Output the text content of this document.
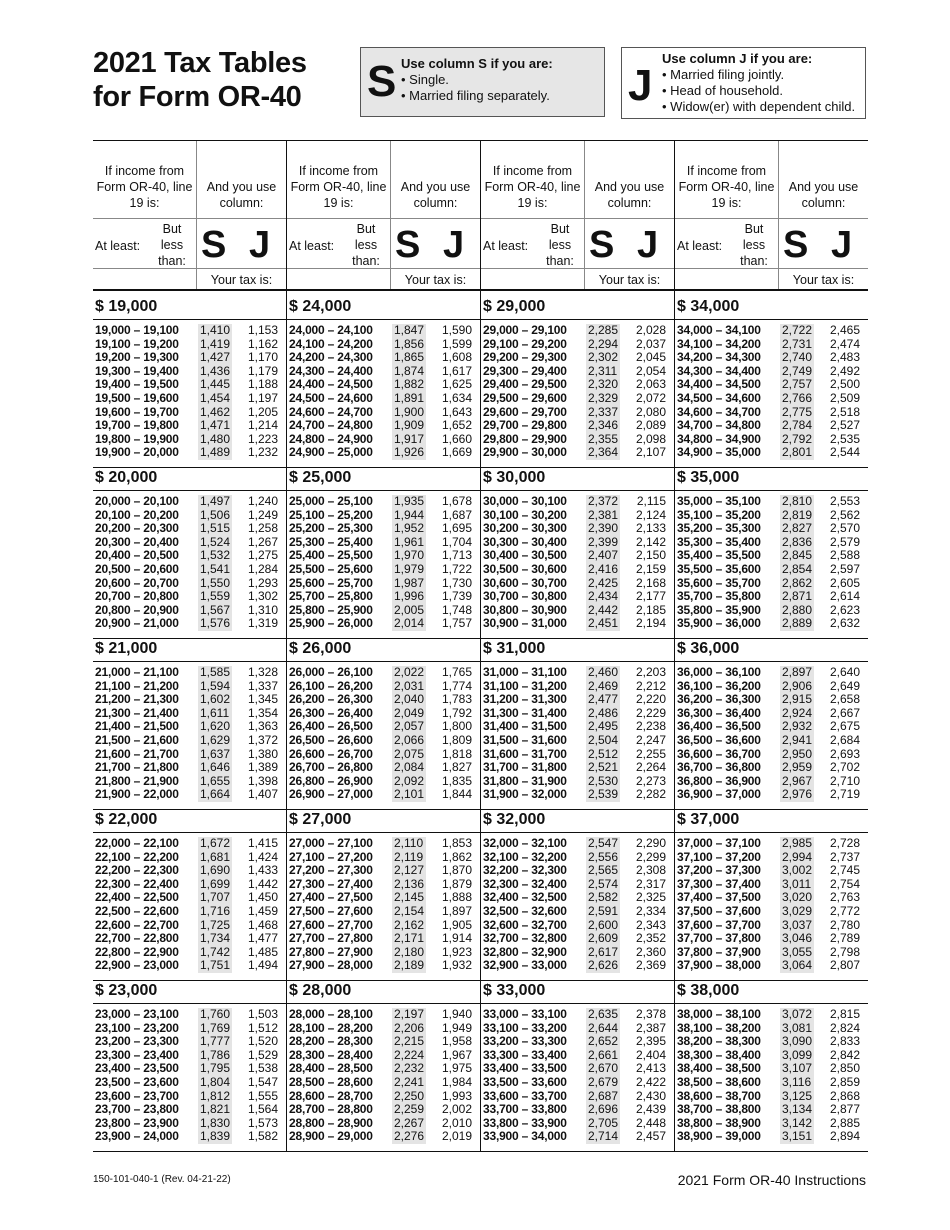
2021 Tax Tables for Form OR-40 S Use column S if you are:
• Single.
• Married filing separately. J
Use column J if you are:
• Married filing jointly.
• Head of household.
• Widow(er) with dependent child.
If income from Form OR-40, line 19 is:
And you use column:
At least:
But less than: S J
Your tax is:
$ 19,000
19,000 – 19,100	1,410	1,153
19,100 – 19,200	1,419	1,162
19,200 – 19,300	1,427	1,170
19,300 – 19,400	1,436	1,179
19,400 – 19,500	1,445	1,188
19,500 – 19,600	1,454	1,197
19,600 – 19,700	1,462	1,205
19,700 – 19,800	1,471	1,214
19,800 – 19,900	1,480	1,223
19,900 – 20,000	1,489	1,232
$ 20,000
20,000 – 20,100	1,497	1,240
20,100 – 20,200	1,506	1,249
20,200 – 20,300	1,515	1,258
20,300 – 20,400	1,524	1,267
20,400 – 20,500	1,532	1,275
20,500 – 20,600	1,541	1,284
20,600 – 20,700	1,550	1,293
20,700 – 20,800	1,559	1,302
20,800 – 20,900	1,567	1,310
20,900 – 21,000	1,576	1,319
$ 21,000
21,000 – 21,100	1,585	1,328
21,100 – 21,200	1,594	1,337
21,200 – 21,300	1,602	1,345
21,300 – 21,400	1,611	1,354
21,400 – 21,500	1,620	1,363
21,500 – 21,600	1,629	1,372
21,600 – 21,700	1,637	1,380
21,700 – 21,800	1,646	1,389
21,800 – 21,900	1,655	1,398
21,900 – 22,000	1,664	1,407
$ 22,000
22,000 – 22,100	1,672	1,415
22,100 – 22,200	1,681	1,424
22,200 – 22,300	1,690	1,433
22,300 – 22,400	1,699	1,442
22,400 – 22,500	1,707	1,450
22,500 – 22,600	1,716	1,459
22,600 – 22,700	1,725	1,468
22,700 – 22,800	1,734	1,477
22,800 – 22,900	1,742	1,485
22,900 – 23,000	1,751	1,494
$ 23,000
23,000 – 23,100	1,760	1,503
23,100 – 23,200	1,769	1,512
23,200 – 23,300	1,777	1,520
23,300 – 23,400	1,786	1,529
23,400 – 23,500	1,795	1,538
23,500 – 23,600	1,804	1,547
23,600 – 23,700	1,812	1,555
23,700 – 23,800	1,821	1,564
23,800 – 23,900	1,830	1,573
23,900 – 24,000	1,839	1,582
If income from Form OR-40, line 19 is:
And you use column:
At least:
But less than: S J
Your tax is:
$ 24,000
24,000 – 24,100	1,847	1,590
24,100 – 24,200	1,856	1,599
24,200 – 24,300	1,865	1,608
24,300 – 24,400	1,874	1,617
24,400 – 24,500	1,882	1,625
24,500 – 24,600	1,891	1,634
24,600 – 24,700	1,900	1,643
24,700 – 24,800	1,909	1,652
24,800 – 24,900	1,917	1,660
24,900 – 25,000	1,926	1,669
$ 25,000
25,000 – 25,100	1,935	1,678
25,100 – 25,200	1,944	1,687
25,200 – 25,300	1,952	1,695
25,300 – 25,400	1,961	1,704
25,400 – 25,500	1,970	1,713
25,500 – 25,600	1,979	1,722
25,600 – 25,700	1,987	1,730
25,700 – 25,800	1,996	1,739
25,800 – 25,900	2,005	1,748
25,900 – 26,000	2,014	1,757
$ 26,000
26,000 – 26,100	2,022	1,765
26,100 – 26,200	2,031	1,774
26,200 – 26,300	2,040	1,783
26,300 – 26,400	2,049	1,792
26,400 – 26,500	2,057	1,800
26,500 – 26,600	2,066	1,809
26,600 – 26,700	2,075	1,818
26,700 – 26,800	2,084	1,827
26,800 – 26,900	2,092	1,835
26,900 – 27,000	2,101	1,844
$ 27,000
27,000 – 27,100	2,110	1,853
27,100 – 27,200	2,119	1,862
27,200 – 27,300	2,127	1,870
27,300 – 27,400	2,136	1,879
27,400 – 27,500	2,145	1,888
27,500 – 27,600	2,154	1,897
27,600 – 27,700	2,162	1,905
27,700 – 27,800	2,171	1,914
27,800 – 27,900	2,180	1,923
27,900 – 28,000	2,189	1,932
$ 28,000
28,000 – 28,100	2,197	1,940
28,100 – 28,200	2,206	1,949
28,200 – 28,300	2,215	1,958
28,300 – 28,400	2,224	1,967
28,400 – 28,500	2,232	1,975
28,500 – 28,600	2,241	1,984
28,600 – 28,700	2,250	1,993
28,700 – 28,800	2,259	2,002
28,800 – 28,900	2,267	2,010
28,900 – 29,000	2,276	2,019
If income from Form OR-40, line 19 is:
And you use column:
At least:
But less than: S J
Your tax is:
$ 29,000
29,000 – 29,100	2,285	2,028
29,100 – 29,200	2,294	2,037
29,200 – 29,300	2,302	2,045
29,300 – 29,400	2,311	2,054
29,400 – 29,500	2,320	2,063
29,500 – 29,600	2,329	2,072
29,600 – 29,700	2,337	2,080
29,700 – 29,800	2,346	2,089
29,800 – 29,900	2,355	2,098
29,900 – 30,000	2,364	2,107
$ 30,000
30,000 – 30,100	2,372	2,115
30,100 – 30,200	2,381	2,124
30,200 – 30,300	2,390	2,133
30,300 – 30,400	2,399	2,142
30,400 – 30,500	2,407	2,150
30,500 – 30,600	2,416	2,159
30,600 – 30,700	2,425	2,168
30,700 – 30,800	2,434	2,177
30,800 – 30,900	2,442	2,185
30,900 – 31,000	2,451	2,194
$ 31,000
31,000 – 31,100	2,460	2,203
31,100 – 31,200	2,469	2,212
31,200 – 31,300	2,477	2,220
31,300 – 31,400	2,486	2,229
31,400 – 31,500	2,495	2,238
31,500 – 31,600	2,504	2,247
31,600 – 31,700	2,512	2,255
31,700 – 31,800	2,521	2,264
31,800 – 31,900	2,530	2,273
31,900 – 32,000	2,539	2,282
$ 32,000
32,000 – 32,100	2,547	2,290
32,100 – 32,200	2,556	2,299
32,200 – 32,300	2,565	2,308
32,300 – 32,400	2,574	2,317
32,400 – 32,500	2,582	2,325
32,500 – 32,600	2,591	2,334
32,600 – 32,700	2,600	2,343
32,700 – 32,800	2,609	2,352
32,800 – 32,900	2,617	2,360
32,900 – 33,000	2,626	2,369
$ 33,000
33,000 – 33,100	2,635	2,378
33,100 – 33,200	2,644	2,387
33,200 – 33,300	2,652	2,395
33,300 – 33,400	2,661	2,404
33,400 – 33,500	2,670	2,413
33,500 – 33,600	2,679	2,422
33,600 – 33,700	2,687	2,430
33,700 – 33,800	2,696	2,439
33,800 – 33,900	2,705	2,448
33,900 – 34,000	2,714	2,457
If income from Form OR-40, line 19 is:
And you use column:
At least:
But less than: S J
Your tax is:
$ 34,000
34,000 – 34,100	2,722	2,465
34,100 – 34,200	2,731	2,474
34,200 – 34,300	2,740	2,483
34,300 – 34,400	2,749	2,492
34,400 – 34,500	2,757	2,500
34,500 – 34,600	2,766	2,509
34,600 – 34,700	2,775	2,518
34,700 – 34,800	2,784	2,527
34,800 – 34,900	2,792	2,535
34,900 – 35,000	2,801	2,544
$ 35,000
35,000 – 35,100	2,810	2,553
35,100 – 35,200	2,819	2,562
35,200 – 35,300	2,827	2,570
35,300 – 35,400	2,836	2,579
35,400 – 35,500	2,845	2,588
35,500 – 35,600	2,854	2,597
35,600 – 35,700	2,862	2,605
35,700 – 35,800	2,871	2,614
35,800 – 35,900	2,880	2,623
35,900 – 36,000	2,889	2,632
$ 36,000
36,000 – 36,100	2,897	2,640
36,100 – 36,200	2,906	2,649
36,200 – 36,300	2,915	2,658
36,300 – 36,400	2,924	2,667
36,400 – 36,500	2,932	2,675
36,500 – 36,600	2,941	2,684
36,600 – 36,700	2,950	2,693
36,700 – 36,800	2,959	2,702
36,800 – 36,900	2,967	2,710
36,900 – 37,000	2,976	2,719
$ 37,000
37,000 – 37,100	2,985	2,728
37,100 – 37,200	2,994	2,737
37,200 – 37,300	3,002	2,745
37,300 – 37,400	3,011	2,754
37,400 – 37,500	3,020	2,763
37,500 – 37,600	3,029	2,772
37,600 – 37,700	3,037	2,780
37,700 – 37,800	3,046	2,789
37,800 – 37,900	3,055	2,798
37,900 – 38,000	3,064	2,807
$ 38,000
38,000 – 38,100	3,072	2,815
38,100 – 38,200	3,081	2,824
38,200 – 38,300	3,090	2,833
38,300 – 38,400	3,099	2,842
38,400 – 38,500	3,107	2,850
38,500 – 38,600	3,116	2,859
38,600 – 38,700	3,125	2,868
38,700 – 38,800	3,134	2,877
38,800 – 38,900	3,142	2,885
38,900 – 39,000	3,151	2,894
150-101-040-1 (Rev. 04-21-22)	2021 Form OR-40 Instructions
